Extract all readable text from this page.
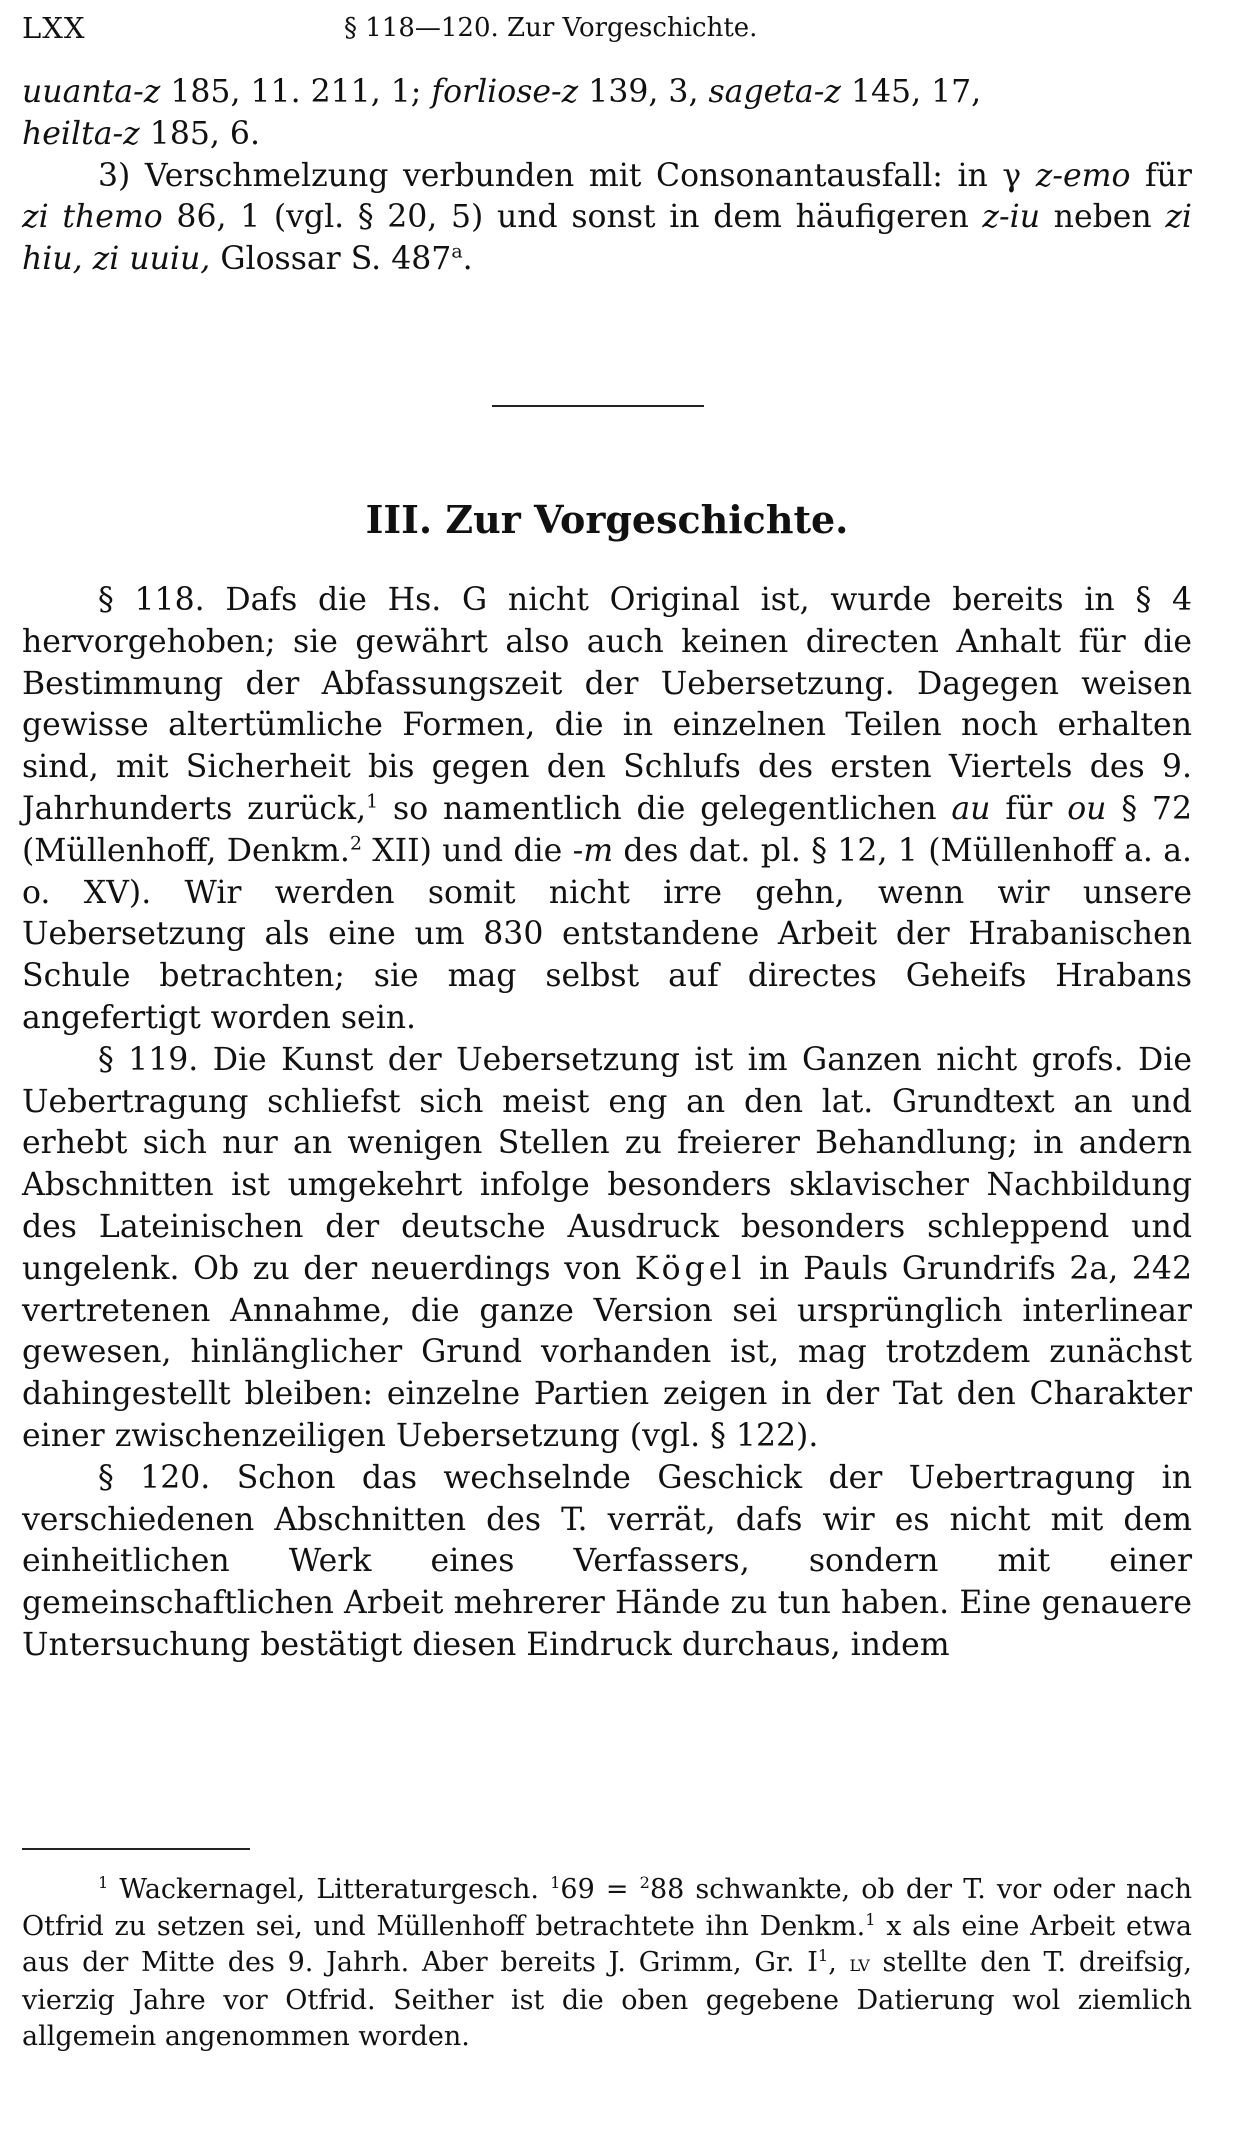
LXX	§ 118—120. Zur Vorgeschichte.

uuanta-z 185, 11. 211, 1; forliose-z 139, 3, sageta-z 145, 17,
heilta-z 185, 6.

3) Verschmelzung verbunden mit Consonantausfall: in γ z-emo für zi themo 86, 1 (vgl. § 20, 5) und sonst in dem häufigeren z-iu neben zi hiu, zi uuiu, Glossar S. 487$^a$.

III. Zur Vorgeschichte.

§ 118. Dafs die Hs. G nicht Original ist, wurde bereits in § 4 hervorgehoben; sie gewährt also auch keinen directen Anhalt für die Bestimmung der Abfassungszeit der Uebersetzung. Dagegen weisen gewisse altertümliche Formen, die in einzelnen Teilen noch erhalten sind, mit Sicherheit bis gegen den Schlufs des ersten Viertels des 9. Jahrhunderts zurück,$^1$ so namentlich die gelegentlichen au für ou § 72 (Müllenhoff, Denkm.$^2$ XII) und die -m des dat. pl. § 12, 1 (Müllenhoff a. a. o. XV). Wir werden somit nicht irre gehn, wenn wir unsere Uebersetzung als eine um 830 entstandene Arbeit der Hrabanischen Schule betrachten; sie mag selbst auf directes Geheifs Hrabans angefertigt worden sein.

§ 119. Die Kunst der Uebersetzung ist im Ganzen nicht grofs. Die Uebertragung schliefst sich meist eng an den lat. Grundtext an und erhebt sich nur an wenigen Stellen zu freierer Behandlung; in andern Abschnitten ist umgekehrt infolge besonders sklavischer Nachbildung des Lateinischen der deutsche Ausdruck besonders schleppend und ungelenk. Ob zu der neuerdings von Kögel in Pauls Grundrifs 2a, 242 vertretenen Annahme, die ganze Version sei ursprünglich interlinear gewesen, hinlänglicher Grund vorhanden ist, mag trotzdem zunächst dahingestellt bleiben: einzelne Partien zeigen in der Tat den Charakter einer zwischenzeiligen Uebersetzung (vgl. § 122).

§ 120. Schon das wechselnde Geschick der Uebertragung in verschiedenen Abschnitten des T. verrät, dafs wir es nicht mit dem einheitlichen Werk eines Verfassers, sondern mit einer gemeinschaftlichen Arbeit mehrerer Hände zu tun haben. Eine genauere Untersuchung bestätigt diesen Eindruck durchaus, indem

$^1$ Wackernagel, Litteraturgesch. $^1$69 = $^2$88 schwankte, ob der T. vor oder nach Otfrid zu setzen sei, und Müllenhoff betrachtete ihn Denkm.$^1$ x als eine Arbeit etwa aus der Mitte des 9. Jahrh. Aber bereits J. Grimm, Gr. $I^1$, lv stellte den T. dreifsig, vierzig Jahre vor Otfrid. Seither ist die oben gegebene Datierung wol ziemlich allgemein angenommen worden.
